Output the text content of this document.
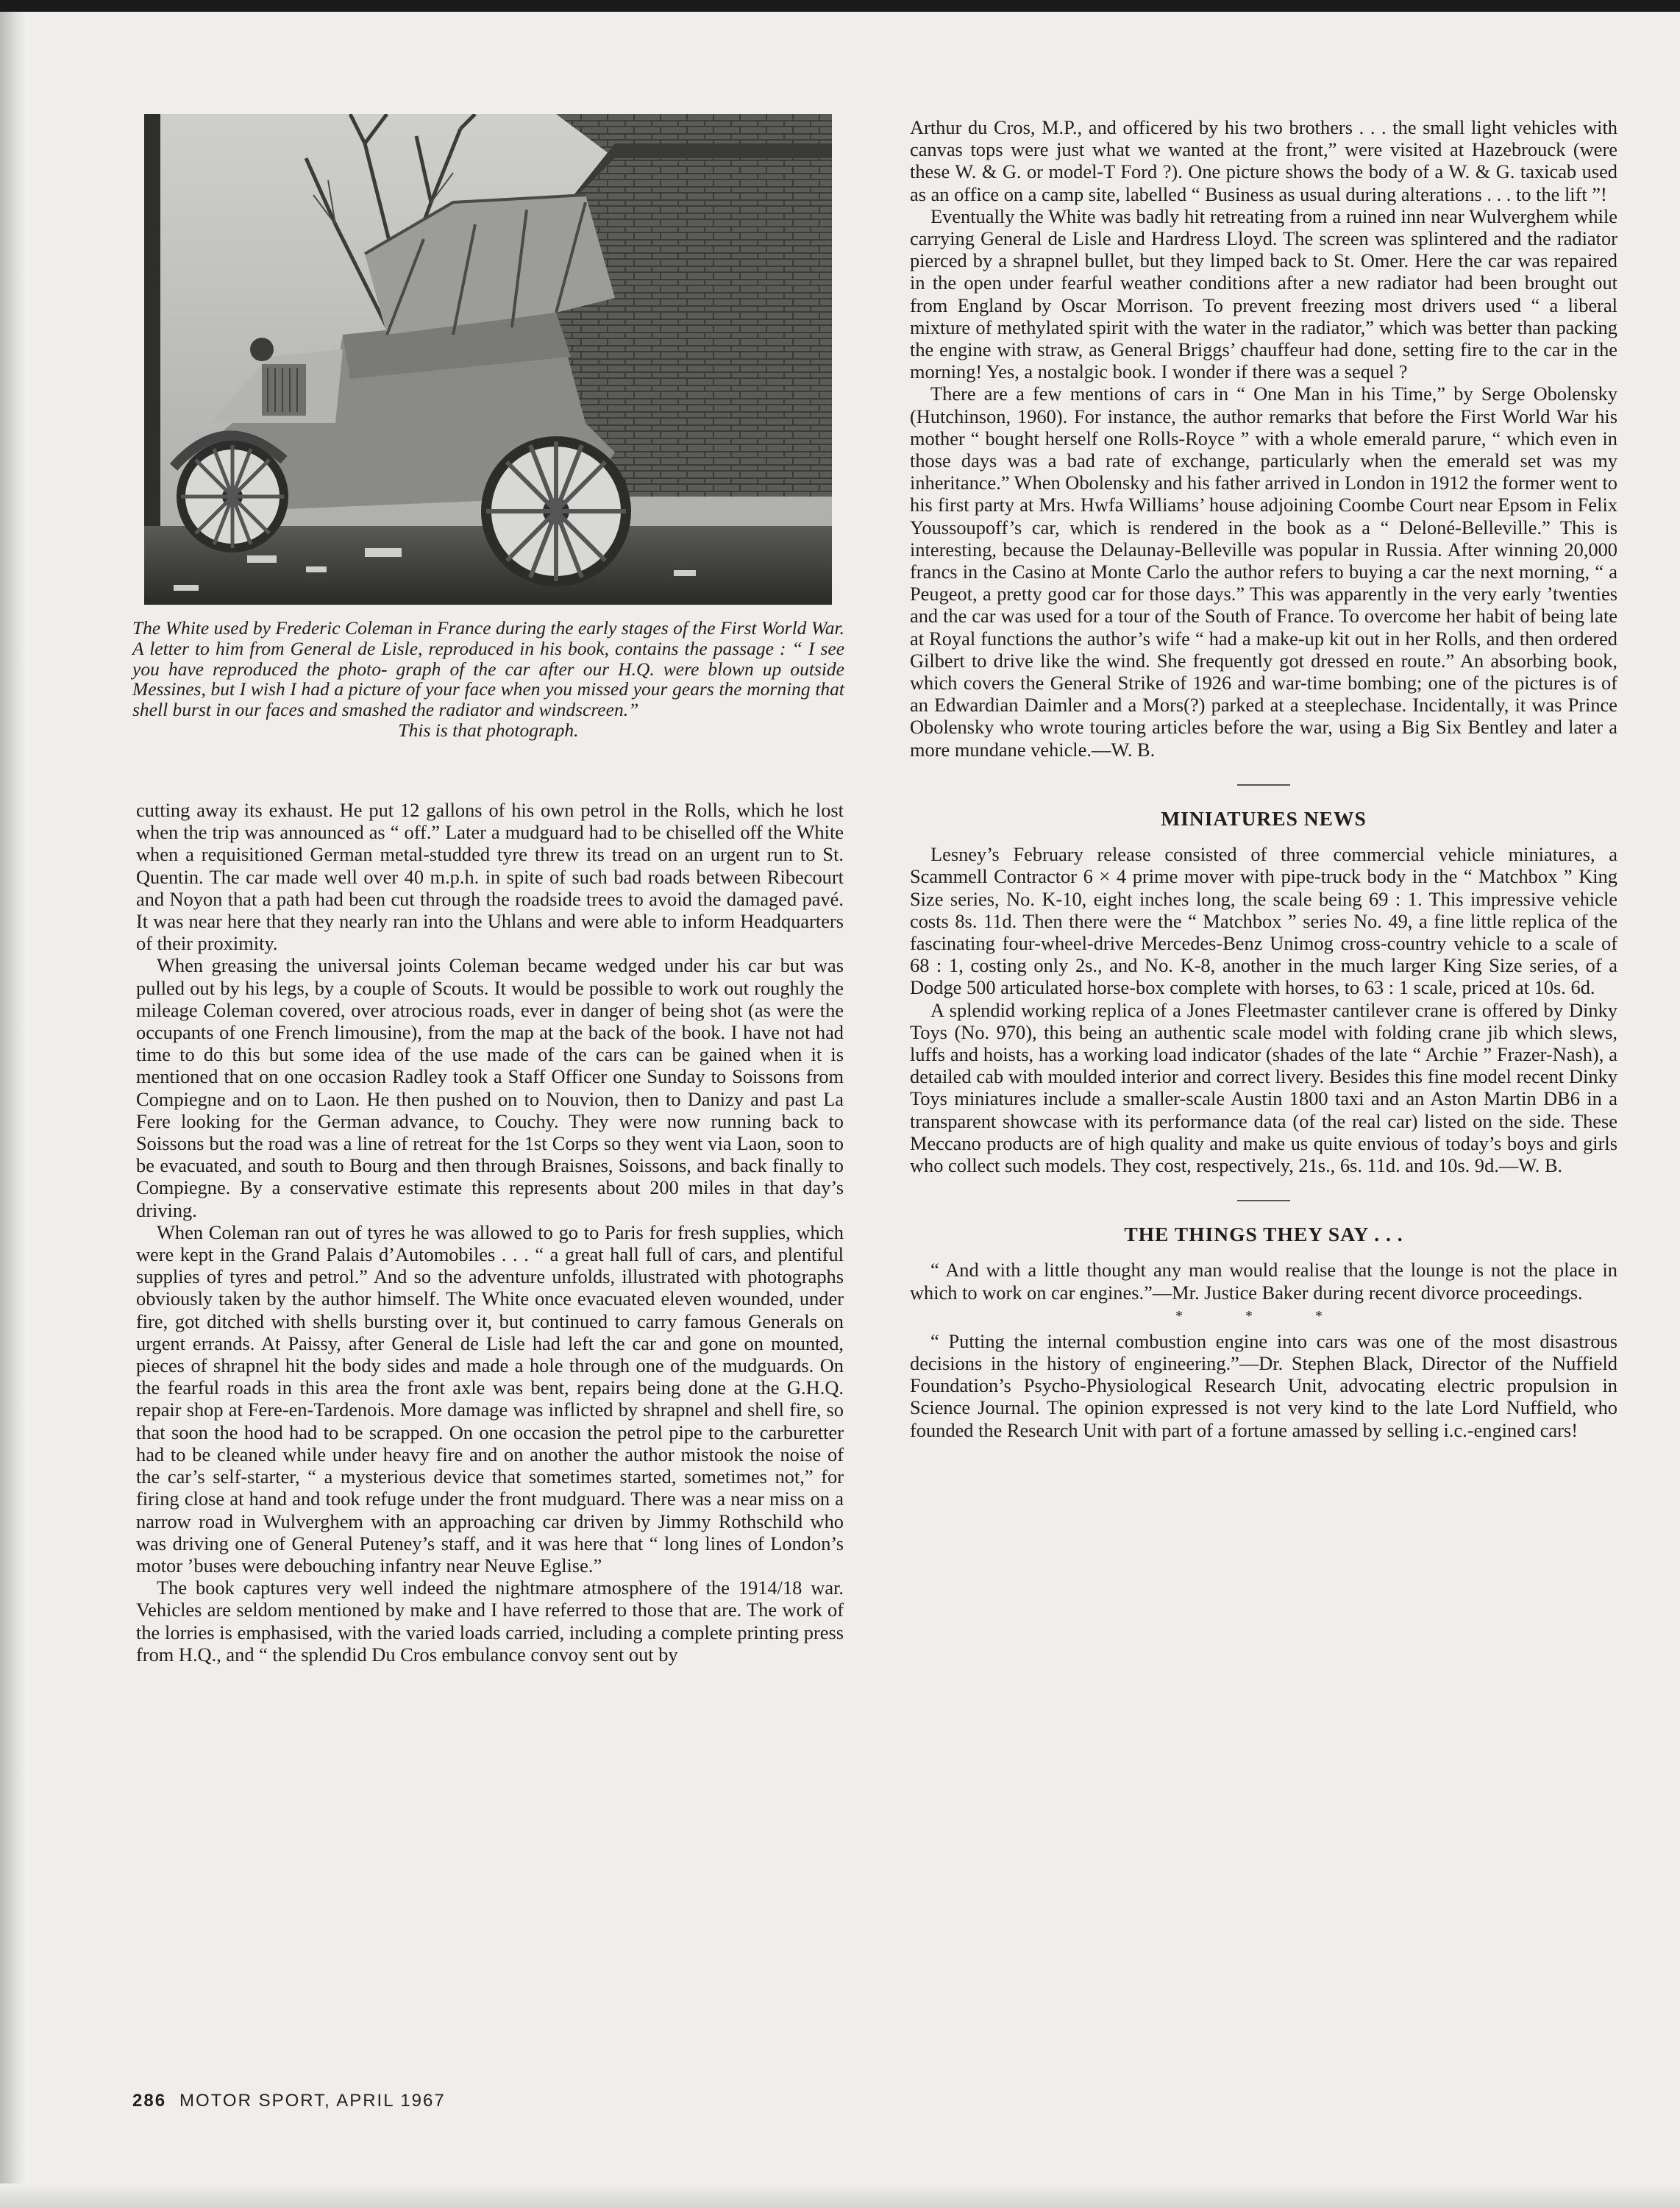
The White used by Frederic Coleman in France during the early stages of the First World War. A letter to him from General de Lisle, reproduced in his book, contains the passage : “ I see you have reproduced the photo- graph of the car after our H.Q. were blown up outside Messines, but I wish I had a picture of your face when you missed your gears the morning that shell burst in our faces and smashed the radiator and windscreen.”
This is that photograph.

cutting away its exhaust. He put 12 gallons of his own petrol in the Rolls, which he lost when the trip was announced as “ off.” Later a mudguard had to be chiselled off the White when a requisitioned German metal-studded tyre threw its tread on an urgent run to St. Quentin. The car made well over 40 m.p.h. in spite of such bad roads between Ribecourt and Noyon that a path had been cut through the roadside trees to avoid the damaged pavé. It was near here that they nearly ran into the Uhlans and were able to inform Headquarters of their proximity.

When greasing the universal joints Coleman became wedged under his car but was pulled out by his legs, by a couple of Scouts. It would be possible to work out roughly the mileage Coleman covered, over atrocious roads, ever in danger of being shot (as were the occupants of one French limousine), from the map at the back of the book. I have not had time to do this but some idea of the use made of the cars can be gained when it is mentioned that on one occasion Radley took a Staff Officer one Sunday to Soissons from Compiegne and on to Laon. He then pushed on to Nouvion, then to Danizy and past La Fere looking for the German advance, to Couchy. They were now running back to Soissons but the road was a line of retreat for the 1st Corps so they went via Laon, soon to be evacuated, and south to Bourg and then through Braisnes, Soissons, and back finally to Compiegne. By a conservative estimate this represents about 200 miles in that day’s driving.

When Coleman ran out of tyres he was allowed to go to Paris for fresh supplies, which were kept in the Grand Palais d’Automobiles . . . “ a great hall full of cars, and plentiful supplies of tyres and petrol.” And so the adventure unfolds, illustrated with photographs obviously taken by the author himself. The White once evacuated eleven wounded, under fire, got ditched with shells bursting over it, but continued to carry famous Generals on urgent errands. At Paissy, after General de Lisle had left the car and gone on mounted, pieces of shrapnel hit the body sides and made a hole through one of the mudguards. On the fearful roads in this area the front axle was bent, repairs being done at the G.H.Q. repair shop at Fere-en-Tardenois. More damage was inflicted by shrapnel and shell fire, so that soon the hood had to be scrapped. On one occasion the petrol pipe to the carburetter had to be cleaned while under heavy fire and on another the author mistook the noise of the car’s self-starter, “ a mysterious device that sometimes started, sometimes not,” for firing close at hand and took refuge under the front mudguard. There was a near miss on a narrow road in Wulverghem with an approaching car driven by Jimmy Rothschild who was driving one of General Puteney’s staff, and it was here that “ long lines of London’s motor ’buses were debouching infantry near Neuve Eglise.”

The book captures very well indeed the nightmare atmosphere of the 1914/18 war. Vehicles are seldom mentioned by make and I have referred to those that are. The work of the lorries is emphasised, with the varied loads carried, including a complete printing press from H.Q., and “ the splendid Du Cros embulance convoy sent out by

Arthur du Cros, M.P., and officered by his two brothers . . . the small light vehicles with canvas tops were just what we wanted at the front,” were visited at Hazebrouck (were these W. & G. or model-T Ford ?). One picture shows the body of a W. & G. taxicab used as an office on a camp site, labelled “ Business as usual during alterations . . . to the lift ”!

Eventually the White was badly hit retreating from a ruined inn near Wulverghem while carrying General de Lisle and Hardress Lloyd. The screen was splintered and the radiator pierced by a shrapnel bullet, but they limped back to St. Omer. Here the car was repaired in the open under fearful weather conditions after a new radiator had been brought out from England by Oscar Morrison. To prevent freezing most drivers used “ a liberal mixture of methylated spirit with the water in the radiator,” which was better than packing the engine with straw, as General Briggs’ chauffeur had done, setting fire to the car in the morning! Yes, a nostalgic book. I wonder if there was a sequel ?

There are a few mentions of cars in “ One Man in his Time,” by Serge Obolensky (Hutchinson, 1960). For instance, the author remarks that before the First World War his mother “ bought herself one Rolls-Royce ” with a whole emerald parure, “ which even in those days was a bad rate of exchange, particularly when the emerald set was my inheritance.” When Obolensky and his father arrived in London in 1912 the former went to his first party at Mrs. Hwfa Williams’ house adjoining Coombe Court near Epsom in Felix Youssoupoff’s car, which is rendered in the book as a “ Deloné-Belleville.” This is interesting, because the Delaunay-Belleville was popular in Russia. After winning 20,000 francs in the Casino at Monte Carlo the author refers to buying a car the next morning, “ a Peugeot, a pretty good car for those days.” This was apparently in the very early ’twenties and the car was used for a tour of the South of France. To overcome her habit of being late at Royal functions the author’s wife “ had a make-up kit out in her Rolls, and then ordered Gilbert to drive like the wind. She frequently got dressed en route.” An absorbing book, which covers the General Strike of 1926 and war-time bombing; one of the pictures is of an Edwardian Daimler and a Mors(?) parked at a steeplechase. Incidentally, it was Prince Obolensky who wrote touring articles before the war, using a Big Six Bentley and later a more mundane vehicle.—W. B.

MINIATURES NEWS

Lesney’s February release consisted of three commercial vehicle miniatures, a Scammell Contractor 6 × 4 prime mover with pipe-truck body in the “ Matchbox ” King Size series, No. K-10, eight inches long, the scale being 69 : 1. This impressive vehicle costs 8s. 11d. Then there were the “ Matchbox ” series No. 49, a fine little replica of the fascinating four-wheel-drive Mercedes-Benz Unimog cross-country vehicle to a scale of 68 : 1, costing only 2s., and No. K-8, another in the much larger King Size series, of a Dodge 500 articulated horse-box complete with horses, to 63 : 1 scale, priced at 10s. 6d.

A splendid working replica of a Jones Fleetmaster cantilever crane is offered by Dinky Toys (No. 970), this being an authentic scale model with folding crane jib which slews, luffs and hoists, has a working load indicator (shades of the late “ Archie ” Frazer-Nash), a detailed cab with moulded interior and correct livery. Besides this fine model recent Dinky Toys miniatures include a smaller-scale Austin 1800 taxi and an Aston Martin DB6 in a transparent showcase with its performance data (of the real car) listed on the side. These Meccano products are of high quality and make us quite envious of today’s boys and girls who collect such models. They cost, respectively, 21s., 6s. 11d. and 10s. 9d.—W. B.

THE THINGS THEY SAY . . .

“ And with a little thought any man would realise that the lounge is not the place in which to work on car engines.”—Mr. Justice Baker during recent divorce proceedings.

* * *

“ Putting the internal combustion engine into cars was one of the most disastrous decisions in the history of engineering.”—Dr. Stephen Black, Director of the Nuffield Foundation’s Psycho-Physiological Research Unit, advocating electric propulsion in Science Journal. The opinion expressed is not very kind to the late Lord Nuffield, who founded the Research Unit with part of a fortune amassed by selling i.c.-engined cars!

286 MOTOR SPORT, APRIL 1967
